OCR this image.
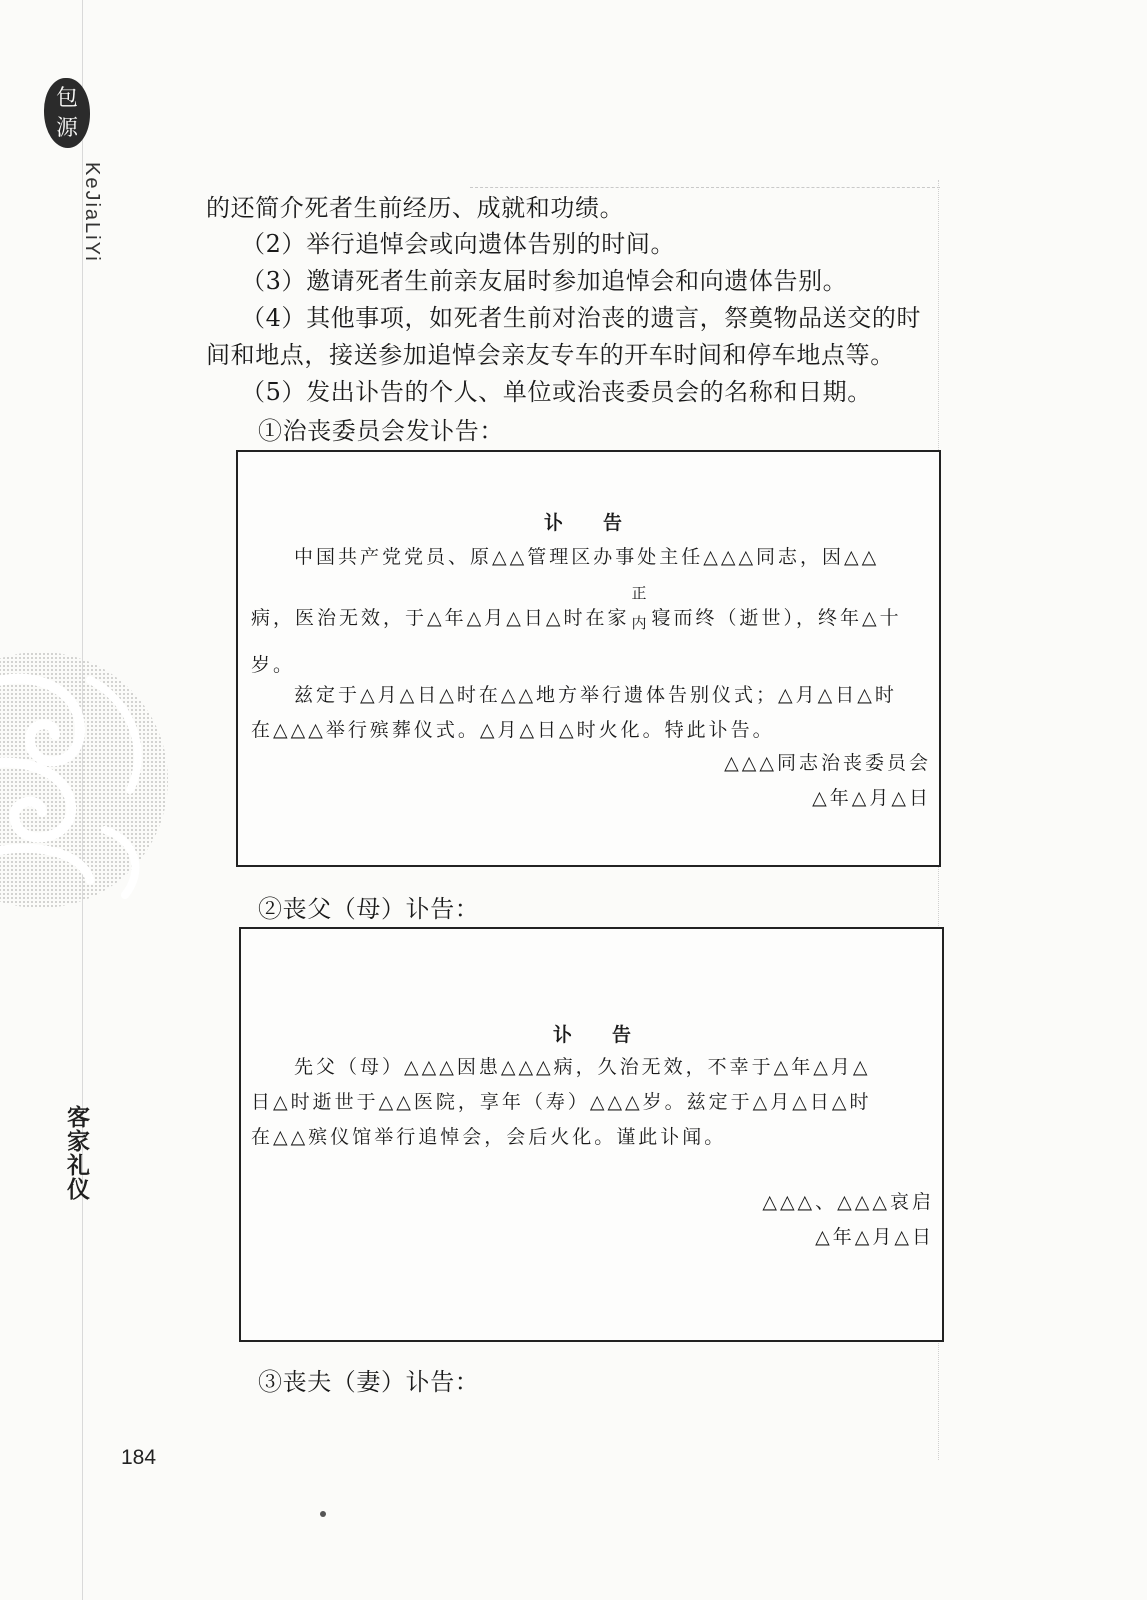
包
源
KeJiaLiYi
客家礼仪

的还简介死者生前经历、成就和功绩。

（2）举行追悼会或向遗体告别的时间。

（3）邀请死者生前亲友届时参加追悼会和向遗体告别。

（4）其他事项，如死者生前对治丧的遗言，祭奠物品送交的时

间和地点，接送参加追悼会亲友专车的开车时间和停车地点等。

（5）发出讣告的个人、单位或治丧委员会的名称和日期。

①治丧委员会发讣告：

②丧父（母）讣告：

③丧夫（妻）讣告：

讣告

中国共产党党员、原△△管理区办事处主任△△△同志，因△△

病，医治无效，于△年△月△日△时在家
正
内 寝而终（逝世），终年△十

岁。

兹定于△月△日△时在△△地方举行遗体告别仪式；△月△日△时

在△△△举行殡葬仪式。△月△日△时火化。特此讣告。

△△△同志治丧委员会

△年△月△日

讣告

先父（母）△△△因患△△△病，久治无效，不幸于△年△月△

日△时逝世于△△医院，享年（寿）△△△岁。兹定于△月△日△时

在△△殡仪馆举行追悼会，会后火化。谨此讣闻。

△△△、△△△哀启

△年△月△日

184
